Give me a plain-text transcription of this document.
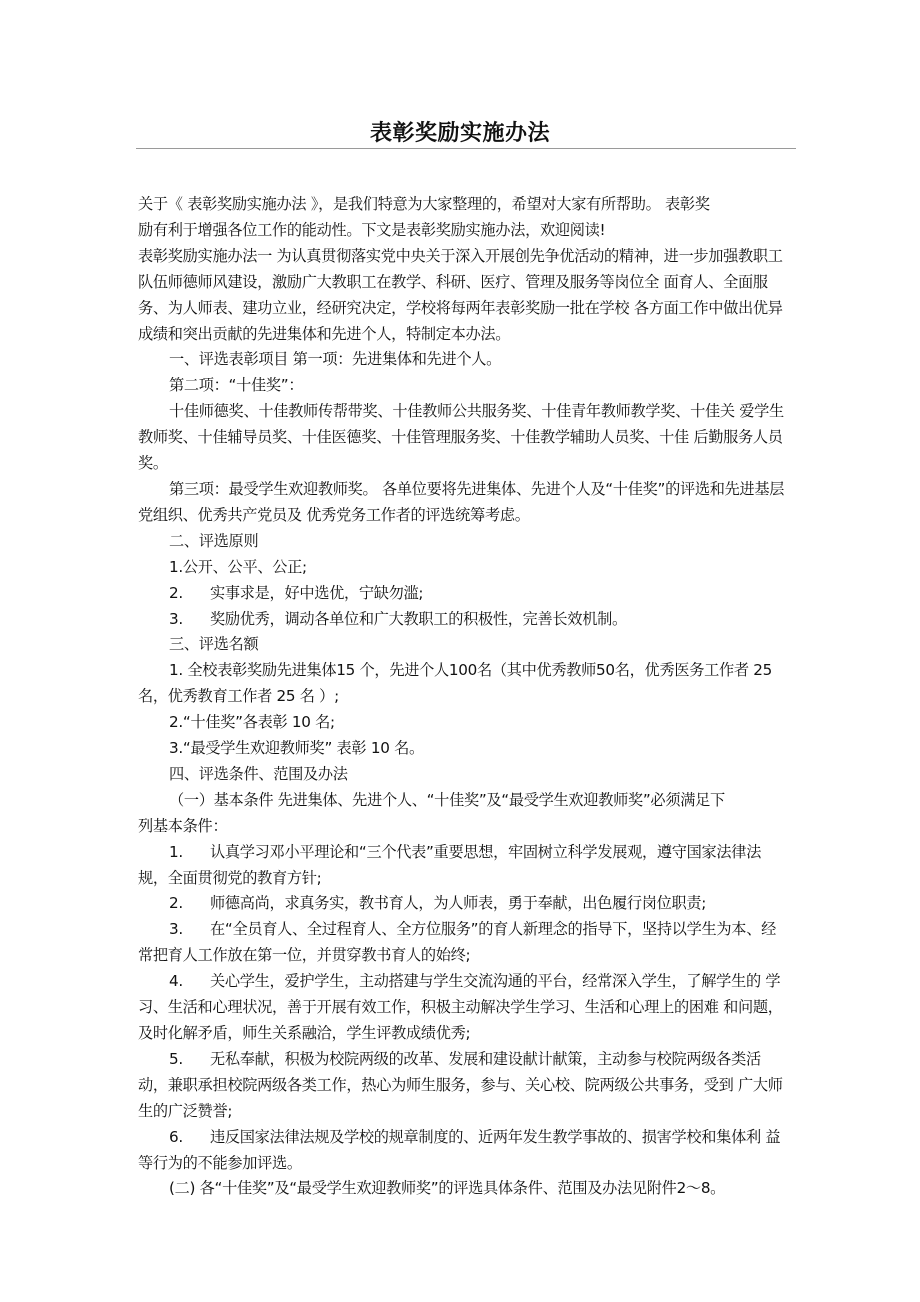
表彰奖励实施办法

关于《 表彰奖励实施办法 》，是我们特意为大家整理的，希望对大家有所帮助。 表彰奖

励有利于增强各位工作的能动性。下文是表彰奖励实施办法，欢迎阅读!

表彰奖励实施办法一 为认真贯彻落实党中央关于深入开展创先争优活动的精神，进一步加强教职工队伍师德师风建设，激励广大教职工在教学、科研、医疗、管理及服务等岗位全 面育人、全面服务、为人师表、建功立业，经研究决定，学校将每两年表彰奖励一批在学校 各方面工作中做出优异成绩和突出贡献的先进集体和先进个人，特制定本办法。

一、评选表彰项目 第一项：先进集体和先进个人。

第二项：“十佳奖”：

十佳师德奖、十佳教师传帮带奖、十佳教师公共服务奖、十佳青年教师教学奖、十佳关 爱学生教师奖、十佳辅导员奖、十佳医德奖、十佳管理服务奖、十佳教学辅助人员奖、十佳 后勤服务人员奖。

第三项：最受学生欢迎教师奖。 各单位要将先进集体、先进个人及“十佳奖”的评选和先进基层党组织、优秀共产党员及 优秀党务工作者的评选统筹考虑。

二、评选原则

1.公开、公平、公正;

2. 实事求是，好中选优，宁缺勿滥;

3. 奖励优秀，调动各单位和广大教职工的积极性，完善长效机制。

三、评选名额

1. 全校表彰奖励先进集体15 个，先进个人100名（其中优秀教师50名，优秀医务工作者 25 名，优秀教育工作者 25 名 ）;

2.“十佳奖”各表彰 10 名;

3.“最受学生欢迎教师奖” 表彰 10 名。

四、评选条件、范围及办法

（一）基本条件 先进集体、先进个人、“十佳奖”及“最受学生欢迎教师奖”必须满足下

列基本条件：

1. 认真学习邓小平理论和“三个代表”重要思想，牢固树立科学发展观，遵守国家法律法 规，全面贯彻党的教育方针;

2. 师德高尚，求真务实，教书育人，为人师表，勇于奉献，出色履行岗位职责;

3. 在“全员育人、全过程育人、全方位服务”的育人新理念的指导下，坚持以学生为本、经 常把育人工作放在第一位，并贯穿教书育人的始终;

4. 关心学生，爱护学生，主动搭建与学生交流沟通的平台，经常深入学生，了解学生的 学习、生活和心理状况，善于开展有效工作，积极主动解决学生学习、生活和心理上的困难 和问题，及时化解矛盾，师生关系融洽，学生评教成绩优秀;

5. 无私奉献，积极为校院两级的改革、发展和建设献计献策，主动参与校院两级各类活 动，兼职承担校院两级各类工作，热心为师生服务，参与、关心校、院两级公共事务，受到 广大师生的广泛赞誉;

6. 违反国家法律法规及学校的规章制度的、近两年发生教学事故的、损害学校和集体利 益等行为的不能参加评选。

(二) 各“十佳奖”及“最受学生欢迎教师奖”的评选具体条件、范围及办法见附件2～8。
